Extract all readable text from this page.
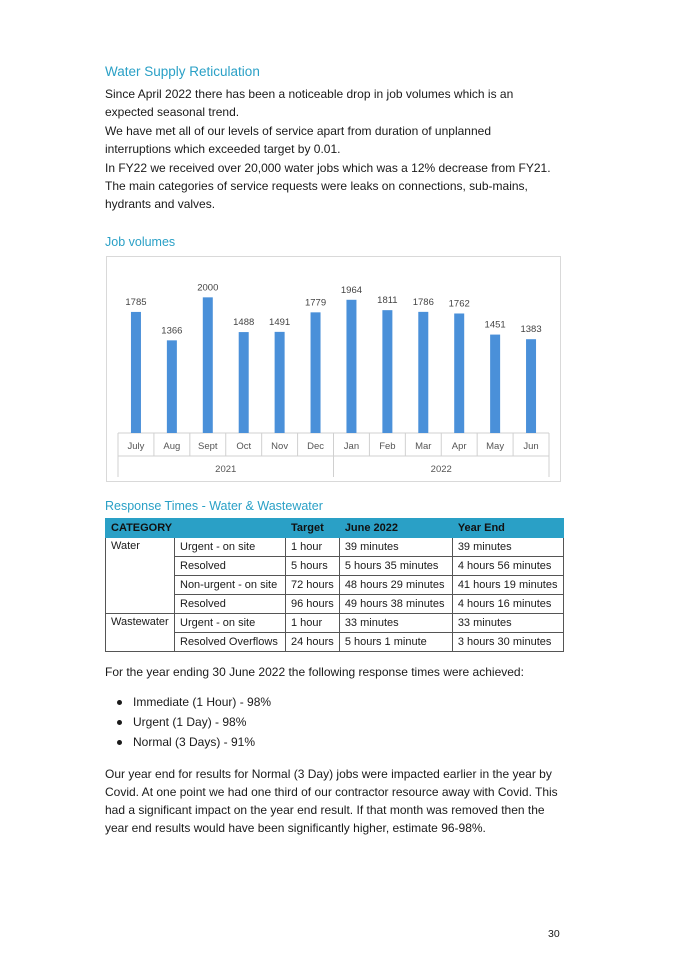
Water Supply Reticulation
Since April 2022 there has been a noticeable drop in job volumes which is an expected seasonal trend.
We have met all of our levels of service apart from duration of unplanned interruptions which exceeded target by 0.01.
In FY22 we received over 20,000 water jobs which was a 12% decrease from FY21. The main categories of service requests were leaks on connections, sub-mains, hydrants and valves.
Job volumes
1785
July
1366
Aug
2000
Sept
1488
Oct
1491
Nov
1779
Dec
1964
Jan
1811
Feb
1786
Mar
1762
Apr
1451
May
1383
Jun
2021	2022
Response Times - Water & Wastewater
CATEGORY		Target	June 2022	Year End
Water	Urgent - on site	1 hour	39 minutes	39 minutes
	Resolved	5 hours	5 hours 35 minutes	4 hours 56 minutes
	Non-urgent - on site	72 hours	48 hours 29 minutes	41 hours 19 minutes
	Resolved	96 hours	49 hours 38 minutes	4 hours 16 minutes
Wastewater	Urgent - on site	1 hour	33 minutes	33 minutes
	Resolved Overflows	24 hours	5 hours 1 minute	3 hours 30 minutes
For the year ending 30 June 2022 the following response times were achieved:
Immediate (1 Hour) - 98%
Urgent (1 Day) - 98%
Normal (3 Days) - 91%
Our year end for results for Normal (3 Day) jobs were impacted earlier in the year by Covid. At one point we had one third of our contractor resource away with Covid. This had a significant impact on the year end result. If that month was removed then the year end results would have been significantly higher, estimate 96-98%.
30
